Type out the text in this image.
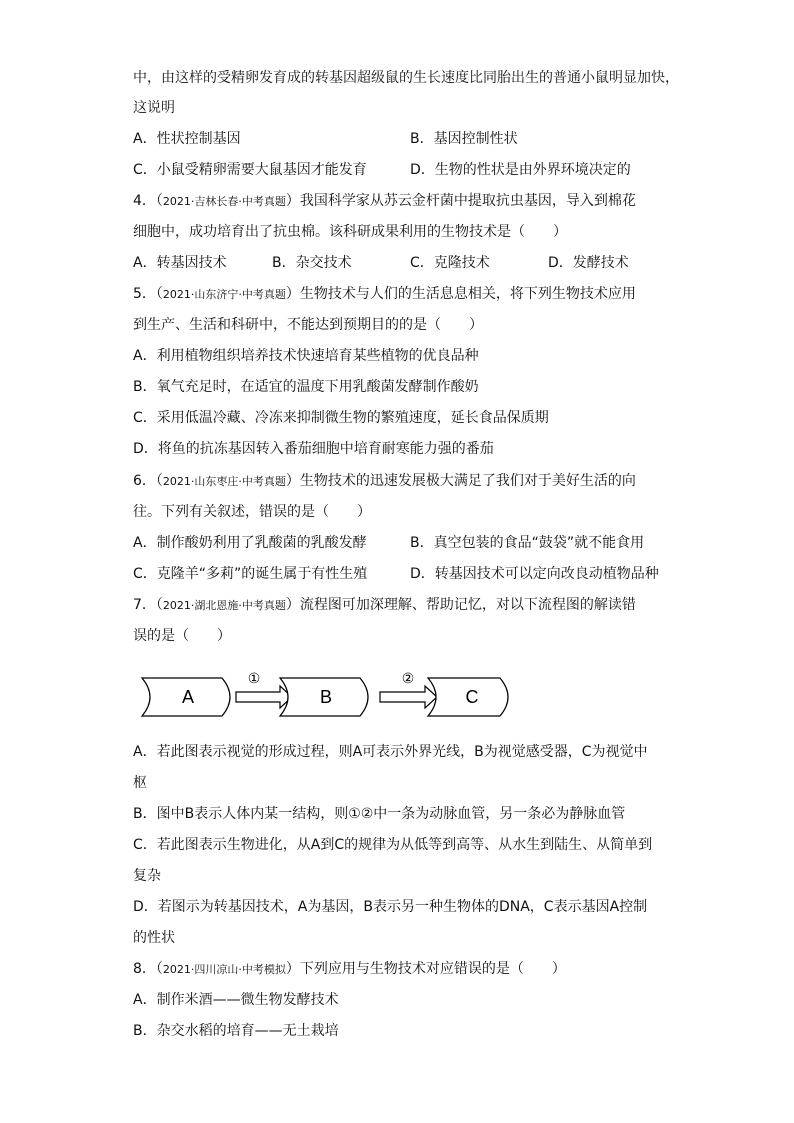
中，由这样的受精卵发育成的转基因超级鼠的生长速度比同胎出生的普通小鼠明显加快，
这说明
A．性状控制基因	B．基因控制性状
C．小鼠受精卵需要大鼠基因才能发育	D．生物的性状是由外界环境决定的
4．（2021·吉林长春·中考真题）我国科学家从苏云金杆菌中提取抗虫基因，导入到棉花
细胞中，成功培育出了抗虫棉。该科研成果利用的生物技术是（　　）
A．转基因技术	B．杂交技术	C．克隆技术	D．发酵技术
5．（2021·山东济宁·中考真题）生物技术与人们的生活息息相关，将下列生物技术应用
到生产、生活和科研中，不能达到预期目的的是（　　）
A．利用植物组织培养技术快速培育某些植物的优良品种
B．氧气充足时，在适宜的温度下用乳酸菌发酵制作酸奶
C．采用低温冷藏、冷冻来抑制微生物的繁殖速度，延长食品保质期
D．将鱼的抗冻基因转入番茄细胞中培育耐寒能力强的番茄
6．（2021·山东枣庄·中考真题）生物技术的迅速发展极大满足了我们对于美好生活的向
往。下列有关叙述，错误的是（　　）
A．制作酸奶利用了乳酸菌的乳酸发酵	B．真空包装的食品“鼓袋”就不能食用
C．克隆羊“多莉”的诞生属于有性生殖	D．转基因技术可以定向改良动植物品种
7．（2021·湖北恩施·中考真题）流程图可加深理解、帮助记忆，对以下流程图的解读错
误的是（　　）
A
①
B
②
C
A．若此图表示视觉的形成过程，则A可表示外界光线，B为视觉感受器，C为视觉中
枢
B．图中B表示人体内某一结构，则①②中一条为动脉血管，另一条必为静脉血管
C．若此图表示生物进化，从A到C的规律为从低等到高等、从水生到陆生、从简单到
复杂
D．若图示为转基因技术，A为基因，B表示另一种生物体的DNA，C表示基因A控制
的性状
8．（2021·四川凉山·中考模拟）下列应用与生物技术对应错误的是（　　）
A．制作米酒——微生物发酵技术
B．杂交水稻的培育——无土栽培
